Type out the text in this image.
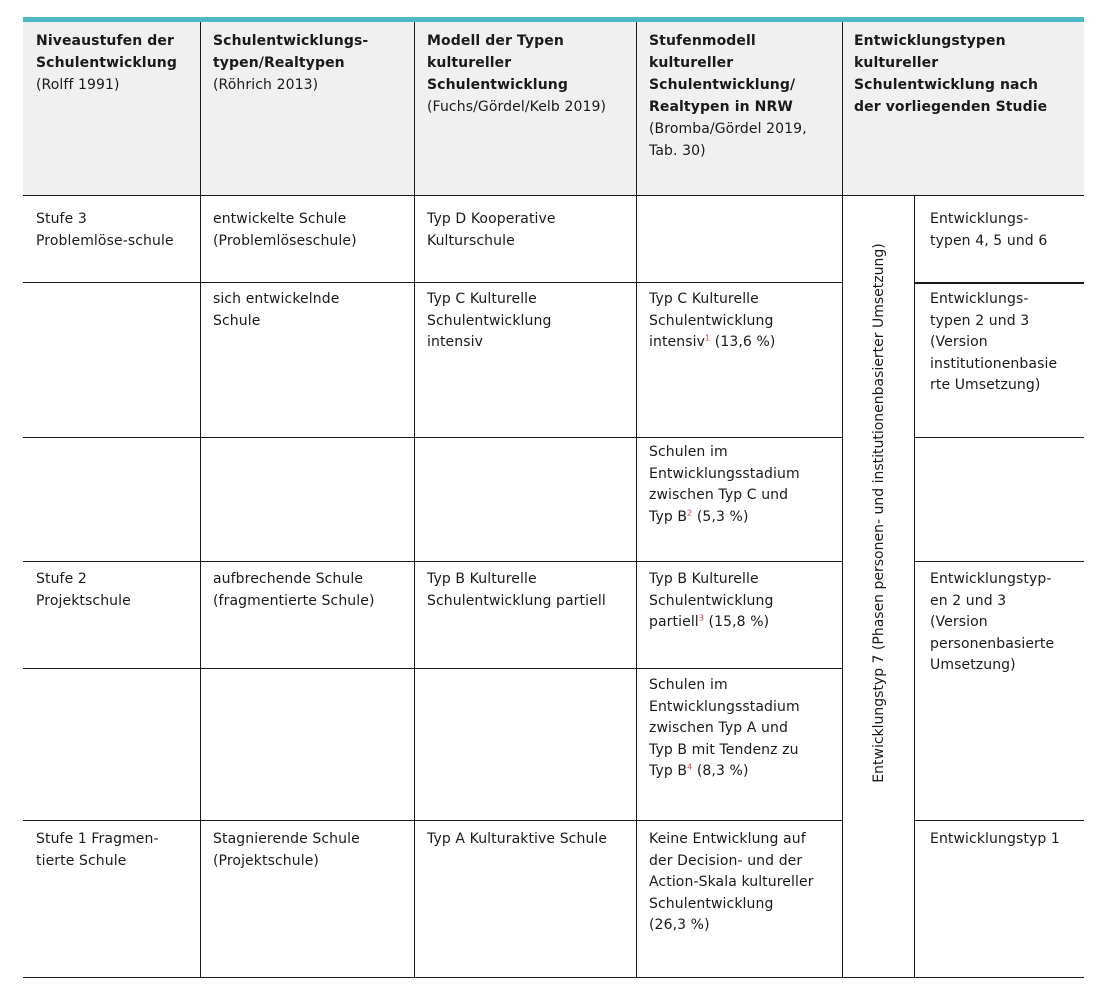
Niveaustufen der
Schulentwicklung
(Rolff 1991)
Schulentwicklungs-
typen/Realtypen
(Röhrich 2013)
Modell der Typen
kultureller
Schulentwicklung
(Fuchs/Gördel/Kelb 2019)
Stufenmodell
kultureller
Schulentwicklung/
Realtypen in NRW
(Bromba/Gördel 2019,
Tab. 30)
Entwicklungstypen
kultureller
Schulentwicklung nach
der vorliegenden Studie
Stufe 3
Problemlöse-schule
entwickelte Schule
(Problemlöseschule)
Typ D Kooperative
Kulturschule
Entwicklungs-
typen 4, 5 und 6
sich entwickelnde
Schule
Typ C Kulturelle
Schulentwicklung
intensiv
Typ C Kulturelle
Schulentwicklung
intensiv$^1$ (13,6 %)
Entwicklungs-
typen 2 und 3
(Version
institutionenbasie
rte Umsetzung)
Schulen im
Entwicklungsstadium
zwischen Typ C und
Typ B$^2$ (5,3 %)
Stufe 2
Projektschule
aufbrechende Schule
(fragmentierte Schule)
Typ B Kulturelle
Schulentwicklung partiell
Typ B Kulturelle
Schulentwicklung
partiell$^3$ (15,8 %)
Entwicklungstyp-
en 2 und 3
(Version
personenbasierte
Umsetzung)
Schulen im
Entwicklungsstadium
zwischen Typ A und
Typ B mit Tendenz zu
Typ B$^4$ (8,3 %)
Stufe 1 Fragmen-
tierte Schule
Stagnierende Schule
(Projektschule)
Typ A Kulturaktive Schule	Keine Entwicklung auf
der Decision- und der
Action-Skala kultureller
Schulentwicklung
(26,3 %)
Entwicklungstyp 1
Entwicklungstyp 7 (Phasen personen- und institutionenbasierter Umsetzung)
